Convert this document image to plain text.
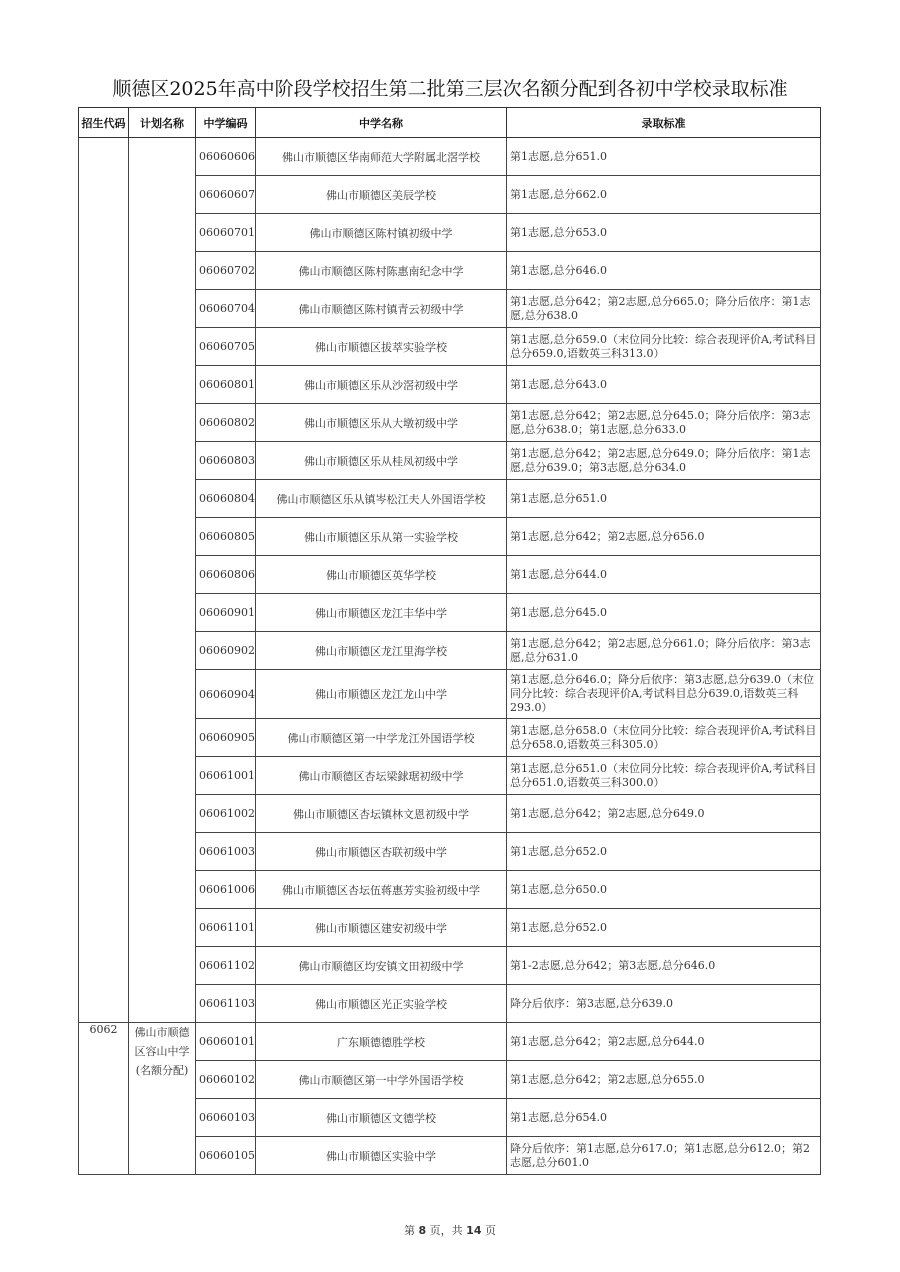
顺德区2025年高中阶段学校招生第二批第三层次名额分配到各初中学校录取标准
招生代码	计划名称	中学编码	中学名称	录取标准
		06060606	佛山市顺德区华南师范大学附属北滘学校	第1志愿,总分651.0
		06060607	佛山市顺德区美辰学校	第1志愿,总分662.0
		06060701	佛山市顺德区陈村镇初级中学	第1志愿,总分653.0
		06060702	佛山市顺德区陈村陈惠南纪念中学	第1志愿,总分646.0
		06060704	佛山市顺德区陈村镇青云初级中学	第1志愿,总分642；第2志愿,总分665.0；降分后依序：第1志愿,总分638.0
		06060705	佛山市顺德区拔萃实验学校	第1志愿,总分659.0（末位同分比较：综合表现评价A,考试科目总分659.0,语数英三科313.0）
		06060801	佛山市顺德区乐从沙滘初级中学	第1志愿,总分643.0
		06060802	佛山市顺德区乐从大墩初级中学	第1志愿,总分642；第2志愿,总分645.0；降分后依序：第3志愿,总分638.0；第1志愿,总分633.0
		06060803	佛山市顺德区乐从桂凤初级中学	第1志愿,总分642；第2志愿,总分649.0；降分后依序：第1志愿,总分639.0；第3志愿,总分634.0
		06060804	佛山市顺德区乐从镇岑松江夫人外国语学校	第1志愿,总分651.0
		06060805	佛山市顺德区乐从第一实验学校	第1志愿,总分642；第2志愿,总分656.0
		06060806	佛山市顺德区英华学校	第1志愿,总分644.0
		06060901	佛山市顺德区龙江丰华中学	第1志愿,总分645.0
		06060902	佛山市顺德区龙江里海学校	第1志愿,总分642；第2志愿,总分661.0；降分后依序：第3志愿,总分631.0
		06060904	佛山市顺德区龙江龙山中学	第1志愿,总分646.0；降分后依序：第3志愿,总分639.0（末位同分比较：综合表现评价A,考试科目总分639.0,语数英三科293.0）
		06060905	佛山市顺德区第一中学龙江外国语学校	第1志愿,总分658.0（末位同分比较：综合表现评价A,考试科目总分658.0,语数英三科305.0）
		06061001	佛山市顺德区杏坛梁銶琚初级中学	第1志愿,总分651.0（末位同分比较：综合表现评价A,考试科目总分651.0,语数英三科300.0）
		06061002	佛山市顺德区杏坛镇林文恩初级中学	第1志愿,总分642；第2志愿,总分649.0
		06061003	佛山市顺德区杏联初级中学	第1志愿,总分652.0
		06061006	佛山市顺德区杏坛伍蒋惠芳实验初级中学	第1志愿,总分650.0
		06061101	佛山市顺德区建安初级中学	第1志愿,总分652.0
		06061102	佛山市顺德区均安镇文田初级中学	第1-2志愿,总分642；第3志愿,总分646.0
		06061103	佛山市顺德区光正实验学校	降分后依序：第3志愿,总分639.0
6062	佛山市顺德区容山中学(名额分配)	06060101	广东顺德德胜学校	第1志愿,总分642；第2志愿,总分644.0
		06060102	佛山市顺德区第一中学外国语学校	第1志愿,总分642；第2志愿,总分655.0
		06060103	佛山市顺德区文德学校	第1志愿,总分654.0
		06060105	佛山市顺德区实验中学	降分后依序：第1志愿,总分617.0；第1志愿,总分612.0；第2志愿,总分601.0
第 8 页，共 14 页
